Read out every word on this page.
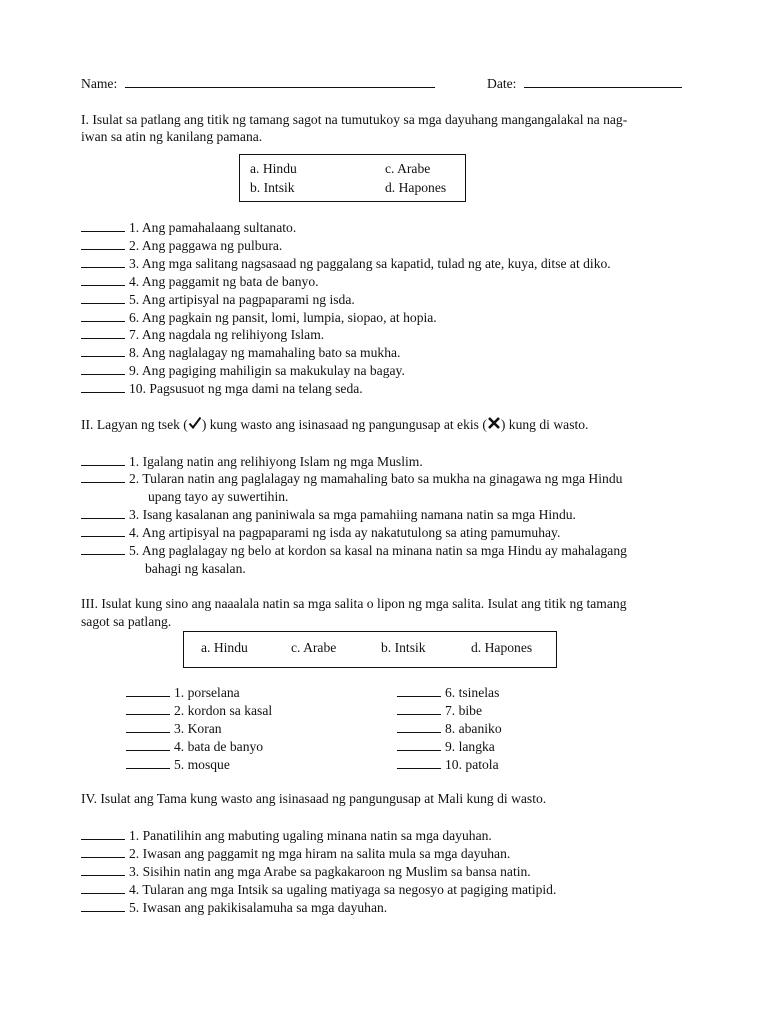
Name:	Date:
I. Isulat sa patlang ang titik ng tamang sagot na tumutukoy sa mga dayuhang mangangalakal na nag-
iwan sa atin ng kanilang pamana.
a. Hindu	c. Arabe
b. Intsik	d. Hapones
1. Ang pamahalaang sultanato.
2. Ang paggawa ng pulbura.
3. Ang mga salitang nagsasaad ng paggalang sa kapatid, tulad ng ate, kuya, ditse at diko.
4. Ang paggamit ng bata de banyo.
5. Ang artipisyal na pagpaparami ng isda.
6. Ang pagkain ng pansit, lomi, lumpia, siopao, at hopia.
7. Ang nagdala ng relihiyong Islam.
8. Ang naglalagay ng mamahaling bato sa mukha.
9. Ang pagiging mahiligin sa makukulay na bagay.
10. Pagsusuot ng mga dami na telang seda.
II. Lagyan ng tsek ( ) kung wasto ang isinasaad ng pangungusap at ekis ( ) kung di wasto.
1. Igalang natin ang relihiyong Islam ng mga Muslim.
2. Tularan natin ang paglalagay ng mamahaling bato sa mukha na ginagawa ng mga Hindu
upang tayo ay suwertihin.
3. Isang kasalanan ang paniniwala sa mga pamahiing namana natin sa mga Hindu.
4. Ang artipisyal na pagpaparami ng isda ay nakatutulong sa ating pamumuhay.
5. Ang paglalagay ng belo at kordon sa kasal na minana natin sa mga Hindu ay mahalagang
bahagi ng kasalan.
III. Isulat kung sino ang naaalala natin sa mga salita o lipon ng mga salita. Isulat ang titik ng tamang
sagot sa patlang.
a. Hindu	c. Arabe	b. Intsik	d. Hapones
1. porselana
2. kordon sa kasal
3. Koran
4. bata de banyo
5. mosque
6. tsinelas
7. bibe
8. abaniko
9. langka
10. patola
IV. Isulat ang Tama kung wasto ang isinasaad ng pangungusap at Mali kung di wasto.
1. Panatilihin ang mabuting ugaling minana natin sa mga dayuhan.
2. Iwasan ang paggamit ng mga hiram na salita mula sa mga dayuhan.
3. Sisihin natin ang mga Arabe sa pagkakaroon ng Muslim sa bansa natin.
4. Tularan ang mga Intsik sa ugaling matiyaga sa negosyo at pagiging matipid.
5. Iwasan ang pakikisalamuha sa mga dayuhan.
